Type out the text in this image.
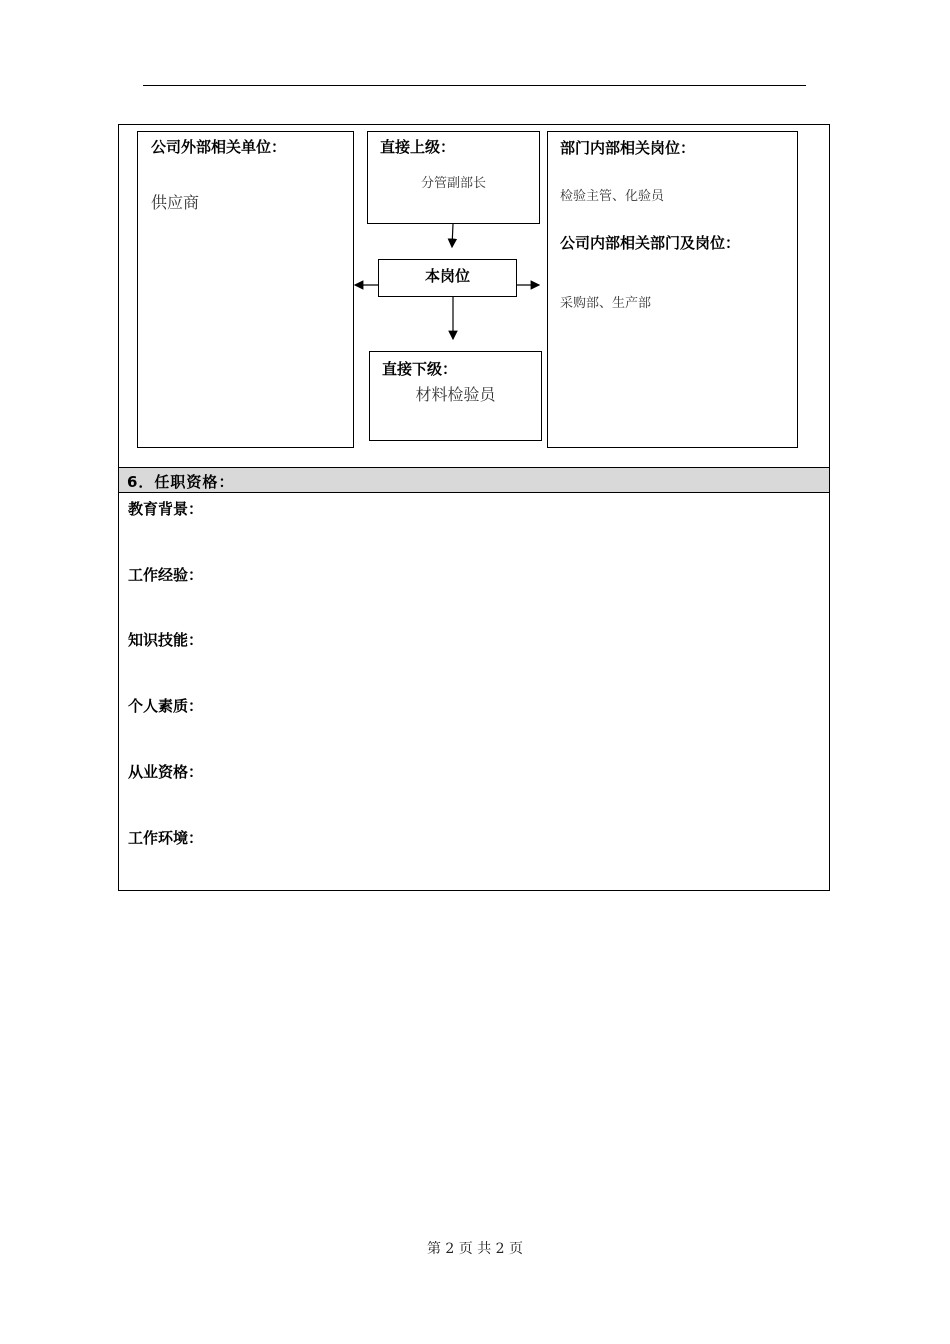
公司外部相关单位：
供应商
直接上级：
分管副部长
本岗位
直接下级：
材料检验员
部门内部相关岗位：
检验主管、化验员
公司内部相关部门及岗位：
采购部、生产部
6．任职资格：
教育背景：
工作经验：
知识技能：
个人素质：
从业资格：
工作环境：
第 2 页 共 2 页
